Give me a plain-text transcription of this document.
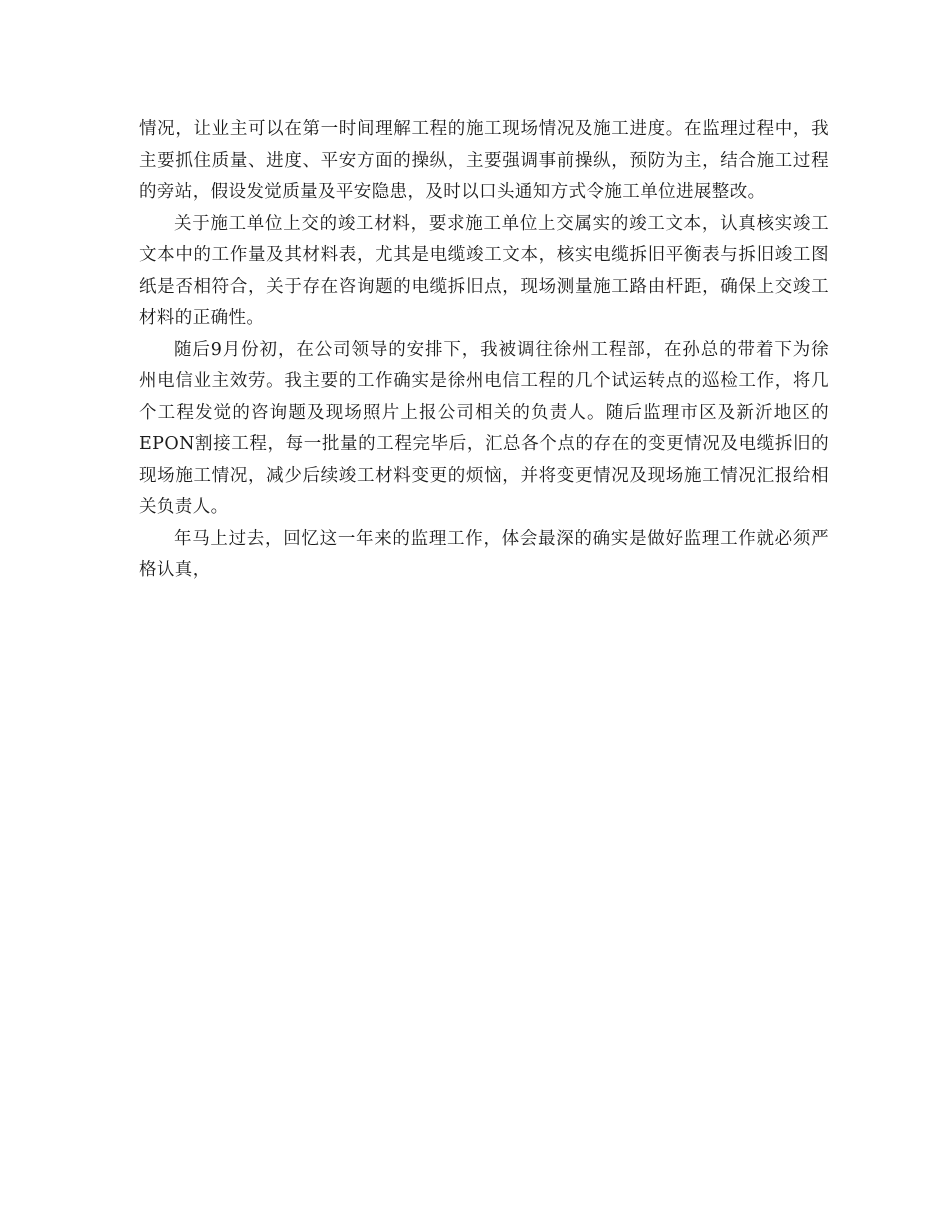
情况，让业主可以在第一时间理解工程的施工现场情况及施工进度。在监理过程中，我主要抓住质量、进度、平安方面的操纵，主要强调事前操纵，预防为主，结合施工过程的旁站，假设发觉质量及平安隐患，及时以口头通知方式令施工单位进展整改。

关于施工单位上交的竣工材料，要求施工单位上交属实的竣工文本，认真核实竣工文本中的工作量及其材料表，尤其是电缆竣工文本，核实电缆拆旧平衡表与拆旧竣工图纸是否相符合，关于存在咨询题的电缆拆旧点，现场测量施工路由杆距，确保上交竣工材料的正确性。

随后9月份初，在公司领导的安排下，我被调往徐州工程部，在孙总的带着下为徐州电信业主效劳。我主要的工作确实是徐州电信工程的几个试运转点的巡检工作，将几个工程发觉的咨询题及现场照片上报公司相关的负责人。随后监理市区及新沂地区的EPON割接工程，每一批量的工程完毕后，汇总各个点的存在的变更情况及电缆拆旧的现场施工情况，减少后续竣工材料变更的烦恼，并将变更情况及现场施工情况汇报给相关负责人。

年马上过去，回忆这一年来的监理工作，体会最深的确实是做好监理工作就必须严格认真，
